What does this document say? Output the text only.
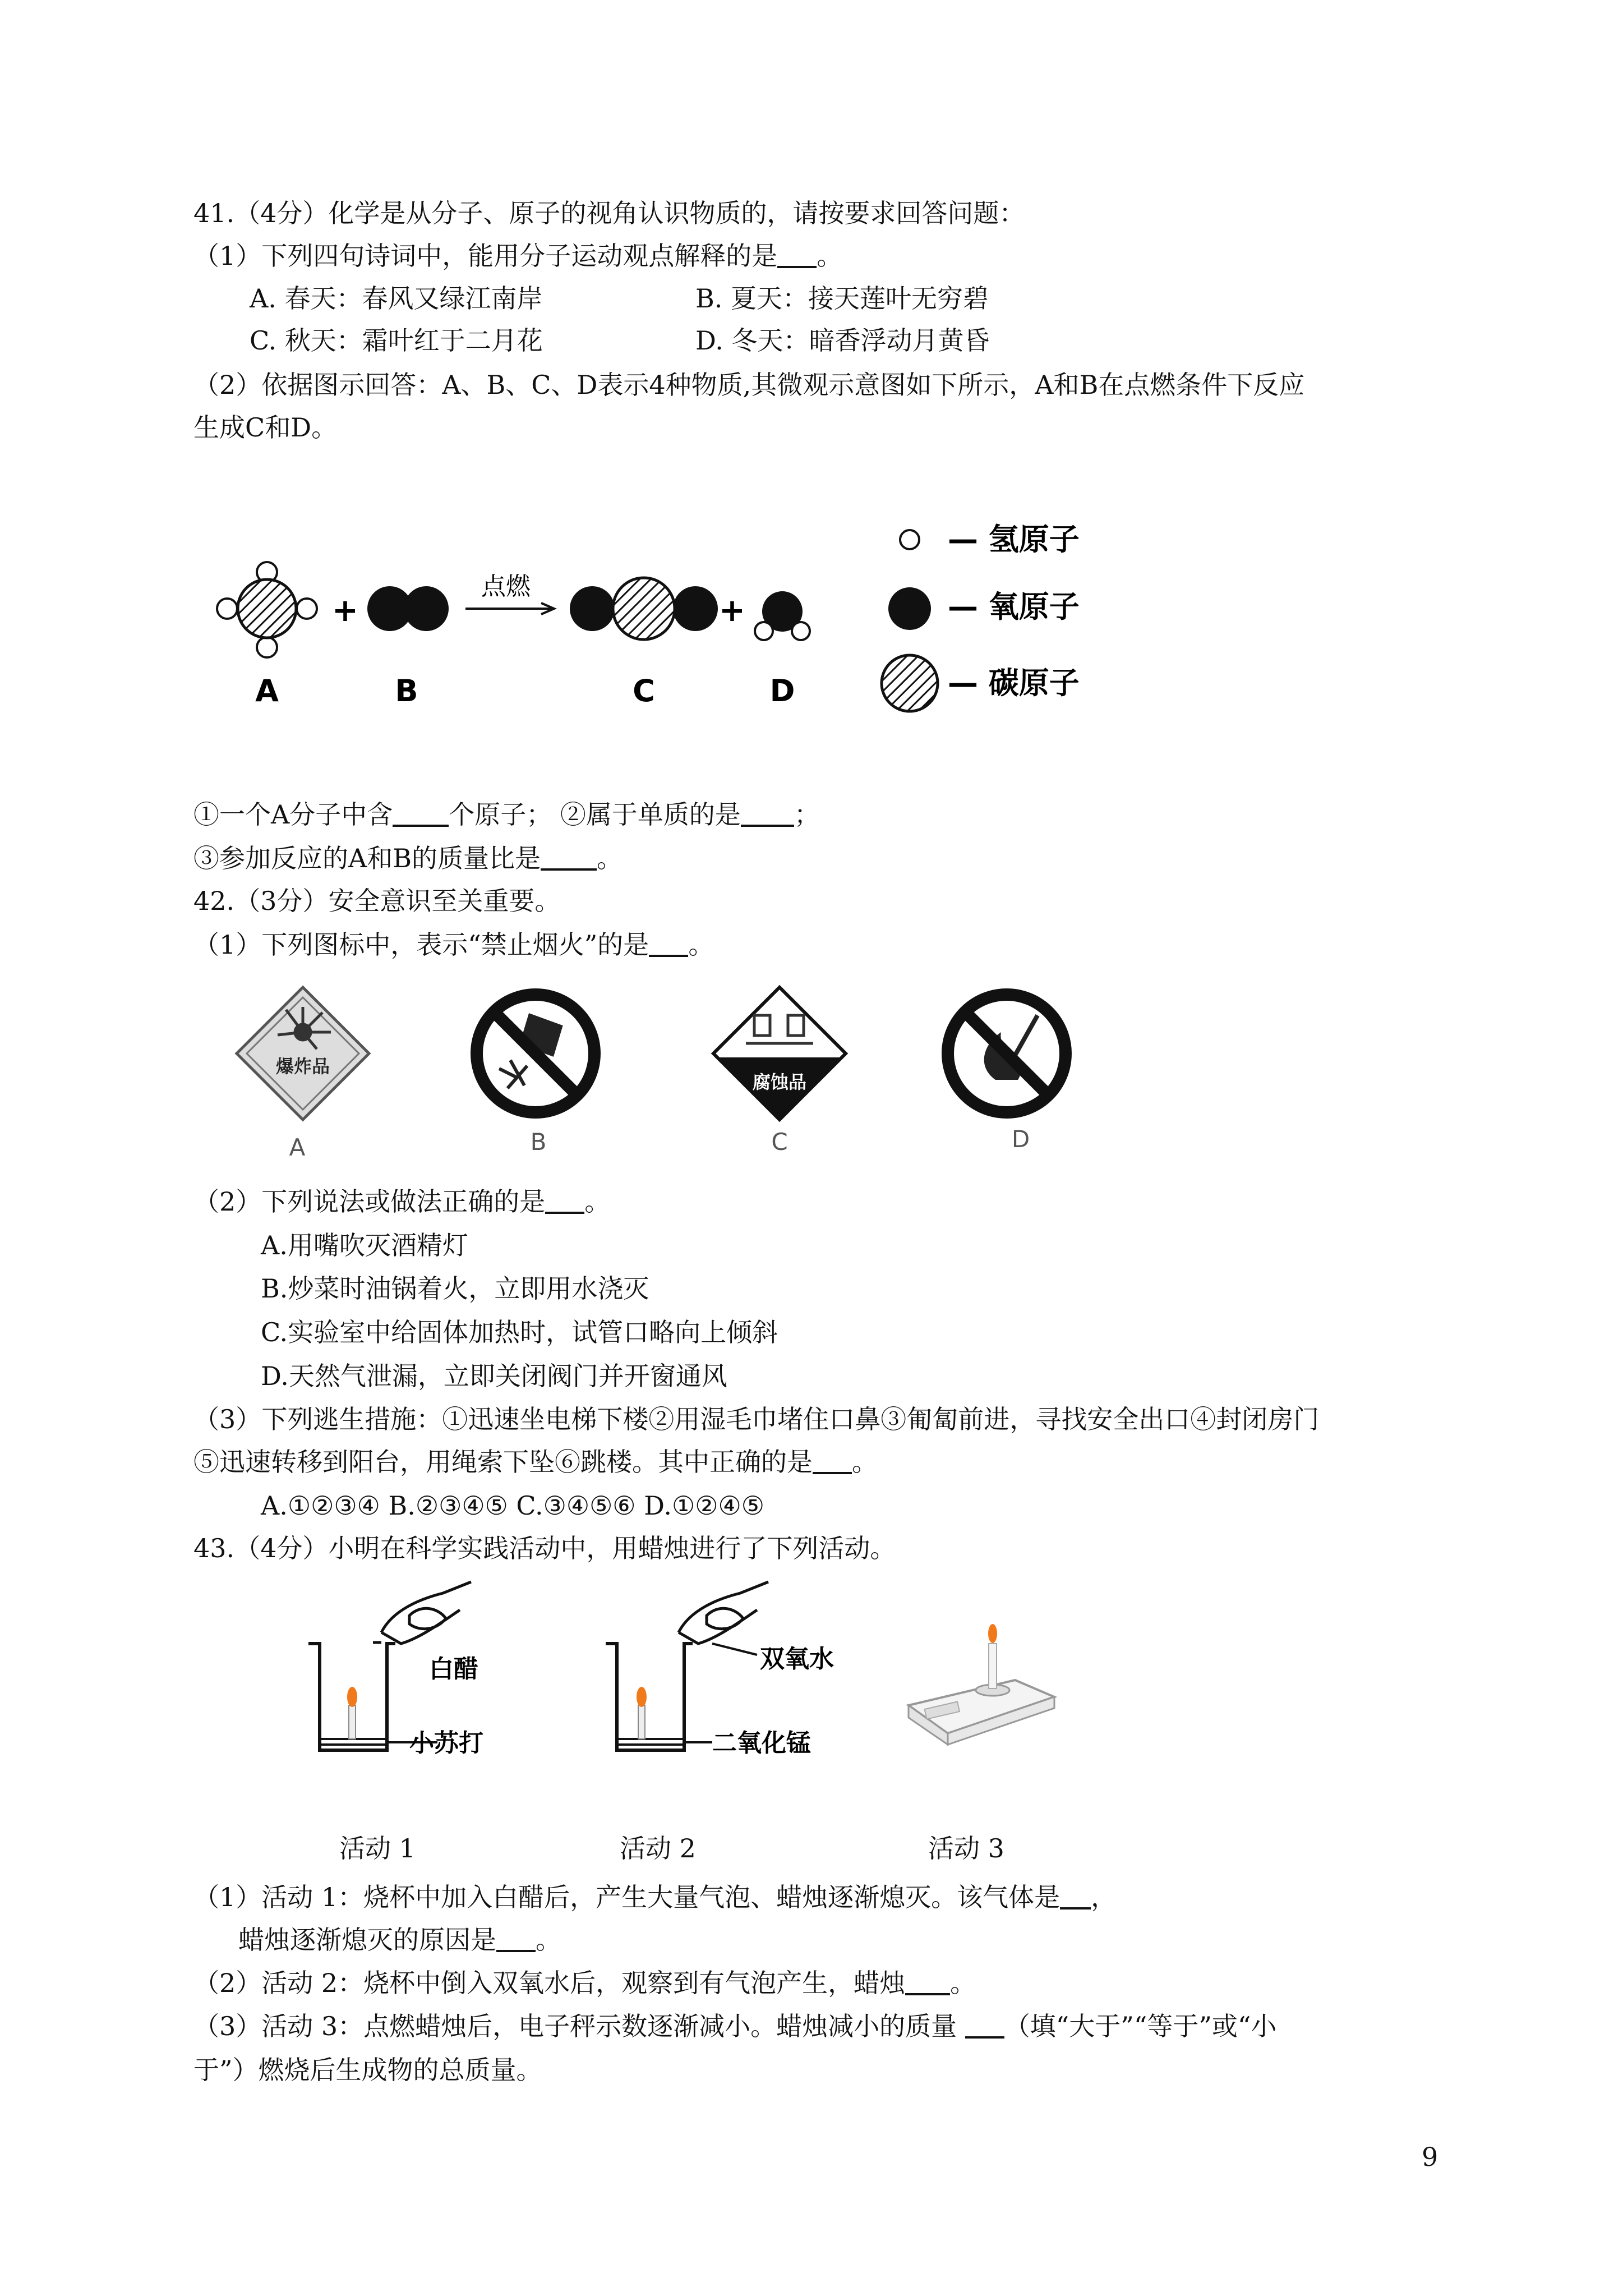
41.（4分）化学是从分子、原子的视角认识物质的，请按要求回答问题：
（1）下列四句诗词中，能用分子运动观点解释的是 。
A. 春天：春风又绿江南岸	B. 夏天：接天莲叶无穷碧
C. 秋天：霜叶红于二月花	D. 冬天：暗香浮动月黄昏
（2）依据图示回答：A、B、C、D表示4种物质,其微观示意图如下所示，A和B在点燃条件下反应
生成C和D。
+
点燃
+
A	B	C	D
— 氢原子
— 氧原子
— 碳原子
①一个A分子中含 个原子； ②属于单质的是 ；
③参加反应的A和B的质量比是 。
42.（3分）安全意识至关重要。
（1）下列图标中，表示“禁止烟火”的是 。
爆炸品
腐蚀品
A	B	C	D
（2）下列说法或做法正确的是 。
A.用嘴吹灭酒精灯
B.炒菜时油锅着火，立即用水浇灭
C.实验室中给固体加热时，试管口略向上倾斜
D.天然气泄漏，立即关闭阀门并开窗通风
（3）下列逃生措施：①迅速坐电梯下楼②用湿毛巾堵住口鼻③匍匐前进，寻找安全出口④封闭房门
⑤迅速转移到阳台，用绳索下坠⑥跳楼。其中正确的是 。
A.①②③④ B.②③④⑤ C.③④⑤⑥ D.①②④⑤
43.（4分）小明在科学实践活动中，用蜡烛进行了下列活动。
白醋
小苏打
双氧水
二氧化锰
活动 1	活动 2	活动 3
（1）活动 1：烧杯中加入白醋后，产生大量气泡、蜡烛逐渐熄灭。该气体是 ，
蜡烛逐渐熄灭的原因是 。
（2）活动 2：烧杯中倒入双氧水后，观察到有气泡产生，蜡烛 。
（3）活动 3：点燃蜡烛后，电子秤示数逐渐减小。蜡烛减小的质量 （填“大于”“等于”或“小
于”）燃烧后生成物的总质量。
9
